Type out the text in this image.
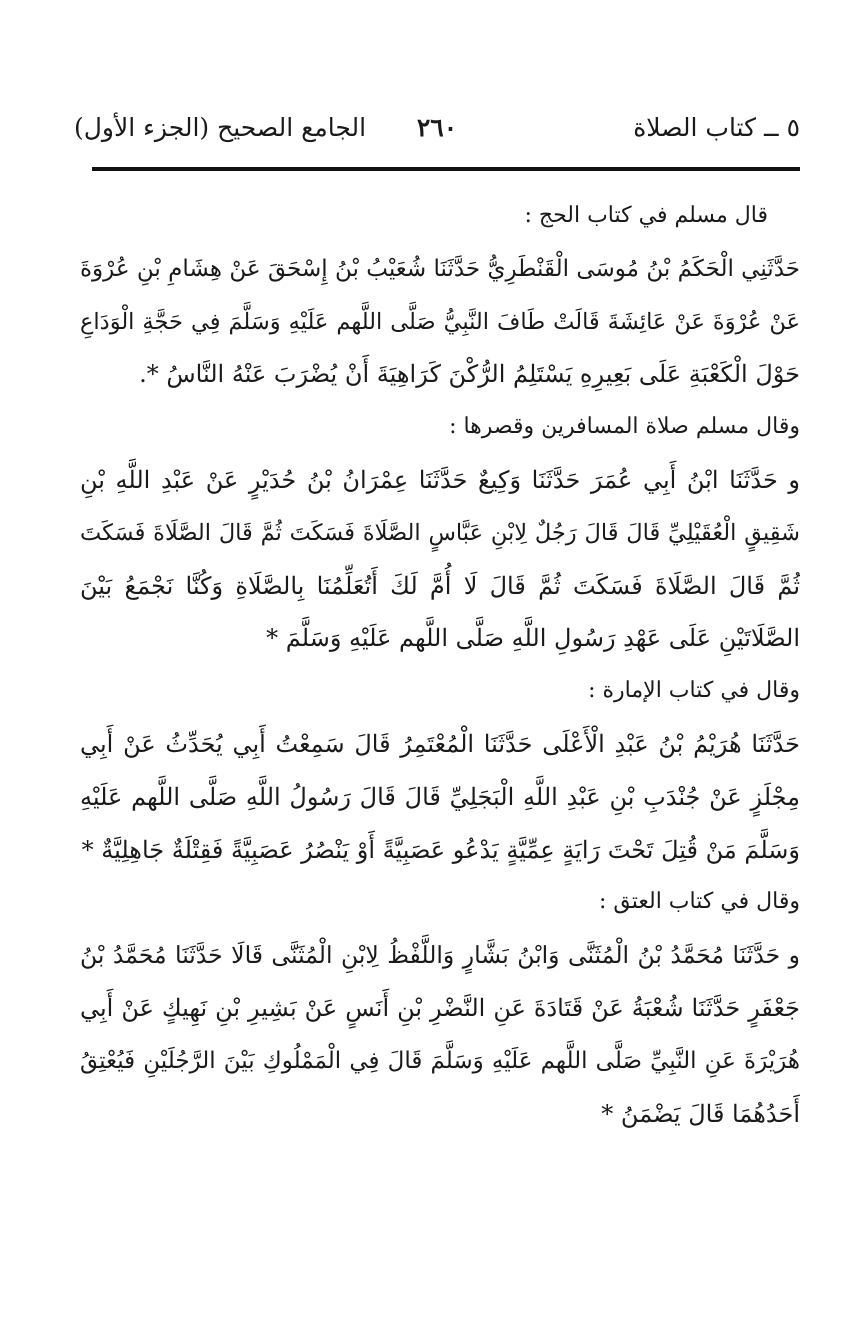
٥ ــ كتاب الصلاة
٢٦٠
الجامع الصحيح (الجزء الأول)
قال مسلم في كتاب الحج :
حَدَّثَنِي الْحَكَمُ بْنُ مُوسَى الْقَنْطَرِيُّ حَدَّثَنَا شُعَيْبُ بْنُ إِسْحَقَ عَنْ هِشَامِ بْنِ عُرْوَةَ
عَنْ عُرْوَةَ عَنْ عَائِشَةَ قَالَتْ طَافَ النَّبِيُّ صَلَّى اللَّهم عَلَيْهِ وَسَلَّمَ فِي حَجَّةِ الْوَدَاعِ
حَوْلَ الْكَعْبَةِ عَلَى بَعِيرِهِ يَسْتَلِمُ الرُّكْنَ كَرَاهِيَةَ أَنْ يُضْرَبَ عَنْهُ النَّاسُ *.
وقال مسلم صلاة المسافرين وقصرها :
و حَدَّثَنَا ابْنُ أَبِي عُمَرَ حَدَّثَنَا وَكِيعٌ حَدَّثَنَا عِمْرَانُ بْنُ حُدَيْرٍ عَنْ عَبْدِ اللَّهِ بْنِ
شَقِيقٍ الْعُقَيْلِيِّ قَالَ قَالَ رَجُلٌ لِابْنِ عَبَّاسٍ الصَّلَاةَ فَسَكَتَ ثُمَّ قَالَ الصَّلَاةَ فَسَكَتَ
ثُمَّ قَالَ الصَّلَاةَ فَسَكَتَ ثُمَّ قَالَ لَا أُمَّ لَكَ أَتُعَلِّمُنَا بِالصَّلَاةِ وَكُنَّا نَجْمَعُ بَيْنَ
الصَّلَاتَيْنِ عَلَى عَهْدِ رَسُولِ اللَّهِ صَلَّى اللَّهم عَلَيْهِ وَسَلَّمَ *
وقال في كتاب الإمارة :
حَدَّثَنَا هُرَيْمُ بْنُ عَبْدِ الْأَعْلَى حَدَّثَنَا الْمُعْتَمِرُ قَالَ سَمِعْتُ أَبِي يُحَدِّثُ عَنْ أَبِي
مِجْلَزٍ عَنْ جُنْدَبِ بْنِ عَبْدِ اللَّهِ الْبَجَلِيِّ قَالَ قَالَ رَسُولُ اللَّهِ صَلَّى اللَّهم عَلَيْهِ
وَسَلَّمَ مَنْ قُتِلَ تَحْتَ رَايَةٍ عِمِّيَّةٍ يَدْعُو عَصَبِيَّةً أَوْ يَنْصُرُ عَصَبِيَّةً فَقِتْلَةٌ جَاهِلِيَّةٌ *
وقال في كتاب العتق :
و حَدَّثَنَا مُحَمَّدُ بْنُ الْمُثَنَّى وَابْنُ بَشَّارٍ وَاللَّفْظُ لِابْنِ الْمُثَنَّى قَالَا حَدَّثَنَا مُحَمَّدُ بْنُ
جَعْفَرٍ حَدَّثَنَا شُعْبَةُ عَنْ قَتَادَةَ عَنِ النَّضْرِ بْنِ أَنَسٍ عَنْ بَشِيرِ بْنِ نَهِيكٍ عَنْ أَبِي
هُرَيْرَةَ عَنِ النَّبِيِّ صَلَّى اللَّهم عَلَيْهِ وَسَلَّمَ قَالَ فِي الْمَمْلُوكِ بَيْنَ الرَّجُلَيْنِ فَيُعْتِقُ
أَحَدُهُمَا قَالَ يَضْمَنُ *
